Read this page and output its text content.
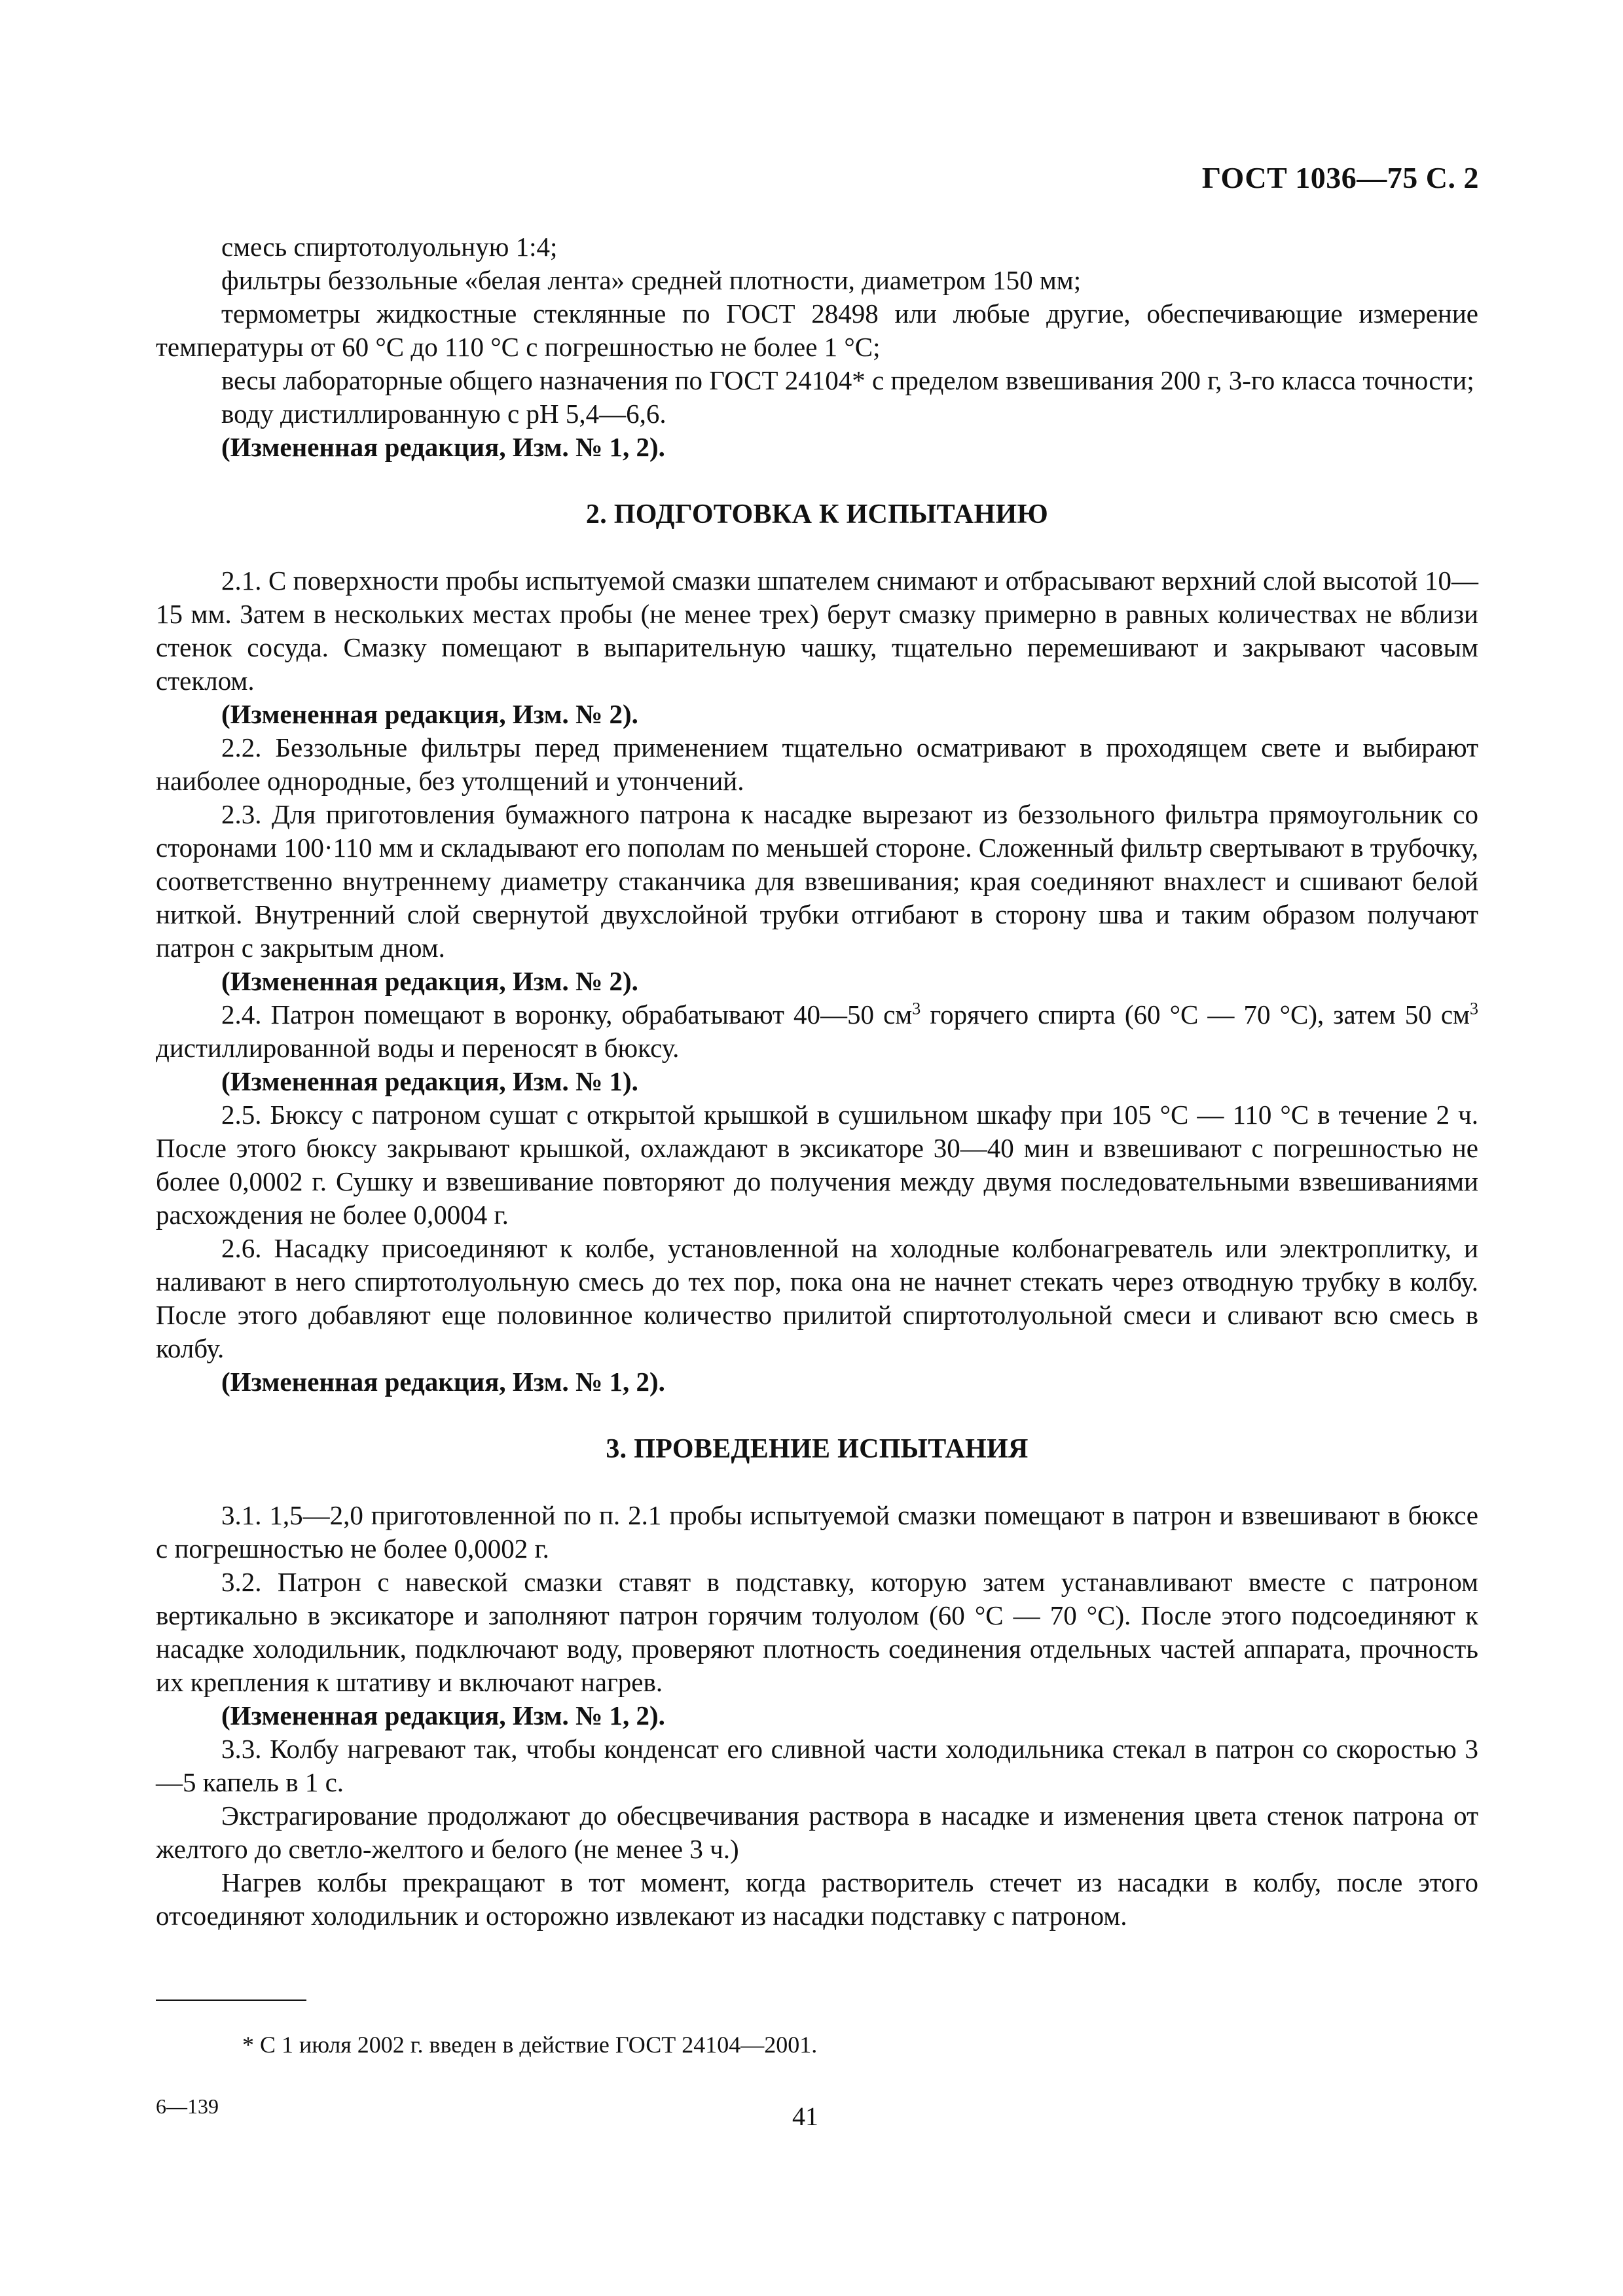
ГОСТ 1036—75 С. 2

смесь спиртотолуольную 1:4;

фильтры беззольные «белая лента» средней плотности, диаметром 150 мм;

термометры жидкостные стеклянные по ГОСТ 28498 или любые другие, обеспечивающие измерение температуры от 60 °С до 110 °С с погрешностью не более 1 °С;

весы лабораторные общего назначения по ГОСТ 24104* с пределом взвешивания 200 г, 3-го класса точности;

воду дистиллированную с рН 5,4—6,6.

(Измененная редакция, Изм. № 1, 2).

2. ПОДГОТОВКА К ИСПЫТАНИЮ

2.1. С поверхности пробы испытуемой смазки шпателем снимают и отбрасывают верхний слой высотой 10—15 мм. Затем в нескольких местах пробы (не менее трех) берут смазку примерно в равных количествах не вблизи стенок сосуда. Смазку помещают в выпарительную чашку, тщательно перемешивают и закрывают часовым стеклом.

(Измененная редакция, Изм. № 2).

2.2. Беззольные фильтры перед применением тщательно осматривают в проходящем свете и выбирают наиболее однородные, без утолщений и утончений.

2.3. Для приготовления бумажного патрона к насадке вырезают из беззольного фильтра прямоугольник со сторонами 100·110 мм и складывают его пополам по меньшей стороне. Сложенный фильтр свертывают в трубочку, соответственно внутреннему диаметру стаканчика для взвешивания; края соединяют внахлест и сшивают белой ниткой. Внутренний слой свернутой двухслойной трубки отгибают в сторону шва и таким образом получают патрон с закрытым дном.

(Измененная редакция, Изм. № 2).

2.4. Патрон помещают в воронку, обрабатывают 40—50 $см^3$ горячего спирта (60 °С — 70 °С), затем 50 $см^3$ дистиллированной воды и переносят в бюксу.

(Измененная редакция, Изм. № 1).

2.5. Бюксу с патроном сушат с открытой крышкой в сушильном шкафу при 105 °С — 110 °С в течение 2 ч. После этого бюксу закрывают крышкой, охлаждают в эксикаторе 30—40 мин и взвешивают с погрешностью не более 0,0002 г. Сушку и взвешивание повторяют до получения между двумя последовательными взвешиваниями расхождения не более 0,0004 г.

2.6. Насадку присоединяют к колбе, установленной на холодные колбонагреватель или электроплитку, и наливают в него спиртотолуольную смесь до тех пор, пока она не начнет стекать через отводную трубку в колбу. После этого добавляют еще половинное количество прилитой спиртотолуольной смеси и сливают всю смесь в колбу.

(Измененная редакция, Изм. № 1, 2).

3. ПРОВЕДЕНИЕ ИСПЫТАНИЯ

3.1. 1,5—2,0 приготовленной по п. 2.1 пробы испытуемой смазки помещают в патрон и взвешивают в бюксе с погрешностью не более 0,0002 г.

3.2. Патрон с навеской смазки ставят в подставку, которую затем устанавливают вместе с патроном вертикально в эксикаторе и заполняют патрон горячим толуолом (60 °С — 70 °С). После этого подсоединяют к насадке холодильник, подключают воду, проверяют плотность соединения отдельных частей аппарата, прочность их крепления к штативу и включают нагрев.

(Измененная редакция, Изм. № 1, 2).

3.3. Колбу нагревают так, чтобы конденсат его сливной части холодильника стекал в патрон со скоростью 3—5 капель в 1 с.

Экстрагирование продолжают до обесцвечивания раствора в насадке и изменения цвета стенок патрона от желтого до светло-желтого и белого (не менее 3 ч.)

Нагрев колбы прекращают в тот момент, когда растворитель стечет из насадки в колбу, после этого отсоединяют холодильник и осторожно извлекают из насадки подставку с патроном.

* С 1 июля 2002 г. введен в действие ГОСТ 24104—2001.
6—139	41
